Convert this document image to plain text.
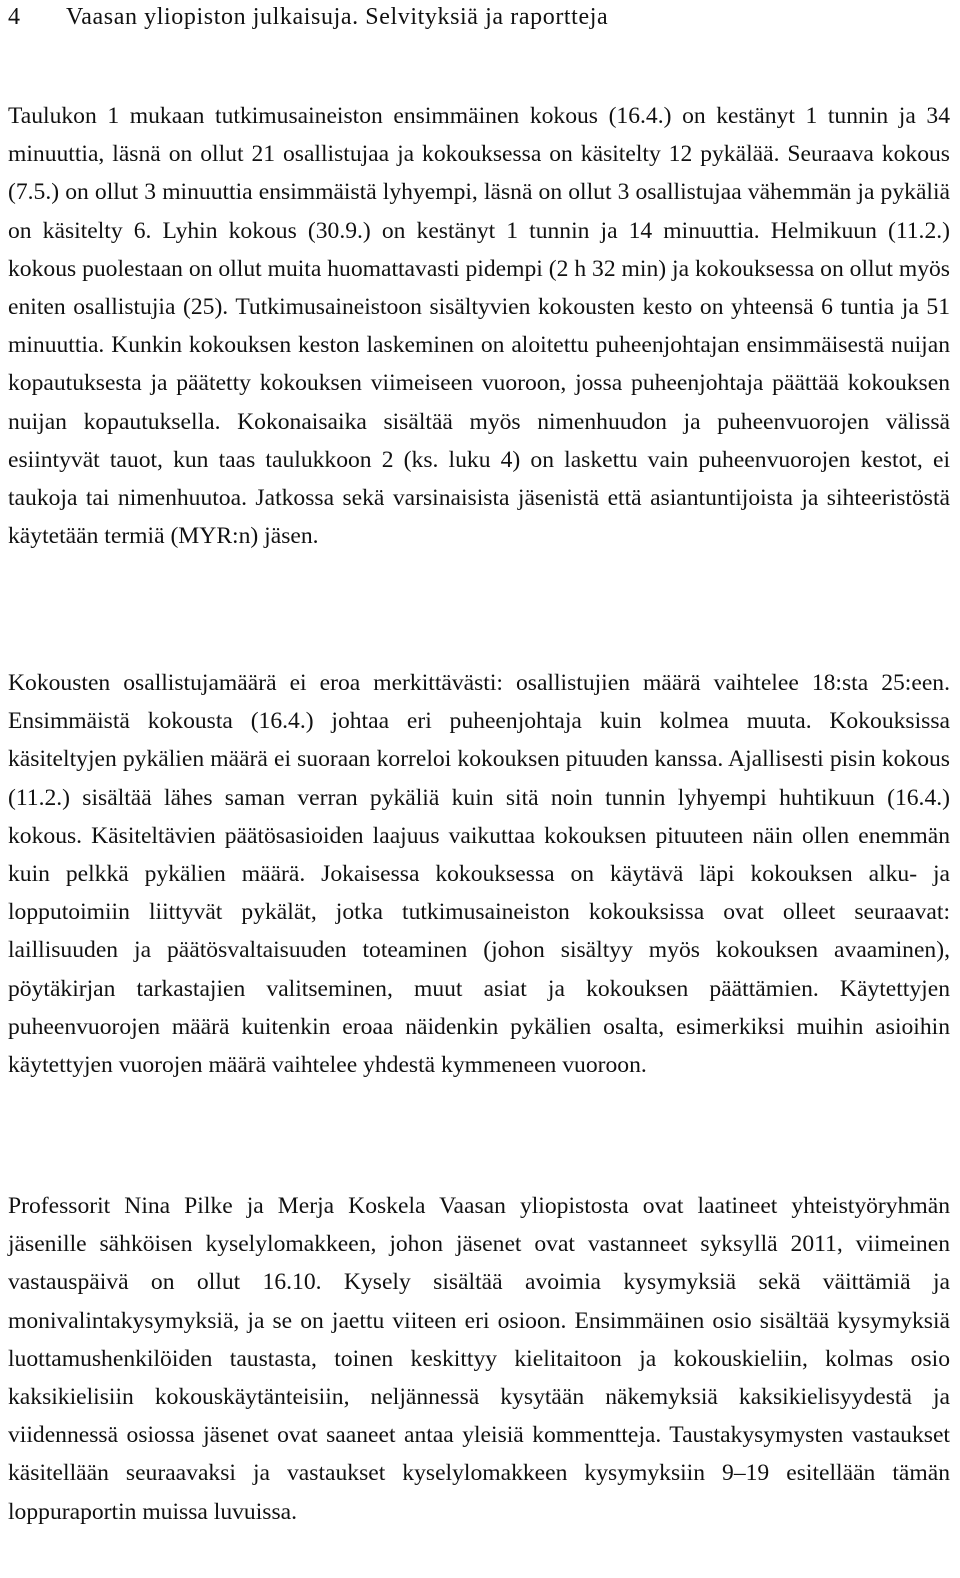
4 Vaasan yliopiston julkaisuja. Selvityksiä ja raportteja

Taulukon 1 mukaan tutkimusaineiston ensimmäinen kokous (16.4.) on kestänyt 1 tunnin ja 34 minuuttia, läsnä on ollut 21 osallistujaa ja kokouksessa on käsitelty 12 pykälää. Seuraava kokous (7.5.) on ollut 3 minuuttia ensimmäistä lyhyempi, läsnä on ollut 3 osallistujaa vähemmän ja pykäliä on käsitelty 6. Lyhin kokous (30.9.) on kestänyt 1 tunnin ja 14 minuuttia. Helmikuun (11.2.) kokous puolestaan on ollut muita huomattavasti pidempi (2 h 32 min) ja kokouksessa on ollut myös eniten osallistujia (25). Tutkimusaineistoon sisältyvien kokousten kesto on yhteensä 6 tuntia ja 51 minuuttia. Kunkin kokouksen keston laskeminen on aloitettu puheenjohtajan ensimmäisestä nuijan kopautuksesta ja päätetty kokouksen viimeiseen vuoroon, jossa puheenjohtaja päättää kokouksen nuijan kopautuksella. Kokonaisaika sisältää myös nimenhuudon ja puheenvuorojen välissä esiintyvät tauot, kun taas taulukkoon 2 (ks. luku 4) on laskettu vain puheenvuorojen kestot, ei taukoja tai nimenhuutoa. Jatkossa sekä varsinaisista jäsenistä että asiantuntijoista ja sihteeristöstä käytetään termiä (MYR:n) jäsen.

Kokousten osallistujamäärä ei eroa merkittävästi: osallistujien määrä vaihtelee 18:sta 25:een. Ensimmäistä kokousta (16.4.) johtaa eri puheenjohtaja kuin kolmea muuta. Kokouksissa käsiteltyjen pykälien määrä ei suoraan korreloi kokouksen pituuden kanssa. Ajallisesti pisin kokous (11.2.) sisältää lähes saman verran pykäliä kuin sitä noin tunnin lyhyempi huhtikuun (16.4.) kokous. Käsiteltävien päätösasioiden laajuus vaikuttaa kokouksen pituuteen näin ollen enemmän kuin pelkkä pykälien määrä. Jokaisessa kokouksessa on käytävä läpi kokouksen alku- ja lopputoimiin liittyvät pykälät, jotka tutkimusaineiston kokouksissa ovat olleet seuraavat: laillisuuden ja päätösvaltaisuuden toteaminen (johon sisältyy myös kokouksen avaaminen), pöytäkirjan tarkastajien valitseminen, muut asiat ja kokouksen päättämien. Käytettyjen puheenvuorojen määrä kuitenkin eroaa näidenkin pykälien osalta, esimerkiksi muihin asioihin käytettyjen vuorojen määrä vaihtelee yhdestä kymmeneen vuoroon.

Professorit Nina Pilke ja Merja Koskela Vaasan yliopistosta ovat laatineet yhteistyöryhmän jäsenille sähköisen kyselylomakkeen, johon jäsenet ovat vastanneet syksyllä 2011, viimeinen vastauspäivä on ollut 16.10. Kysely sisältää avoimia kysymyksiä sekä väittämiä ja monivalintakysymyksiä, ja se on jaettu viiteen eri osioon. Ensimmäinen osio sisältää kysymyksiä luottamushenkilöiden taustasta, toinen keskittyy kielitaitoon ja kokouskieliin, kolmas osio kaksikielisiin kokouskäytänteisiin, neljännessä kysytään näkemyksiä kaksikielisyydestä ja viidennessä osiossa jäsenet ovat saaneet antaa yleisiä kommentteja. Taustakysymysten vastaukset käsitellään seuraavaksi ja vastaukset kyselylomakkeen kysymyksiin 9–19 esitellään tämän loppuraportin muissa luvuissa.
